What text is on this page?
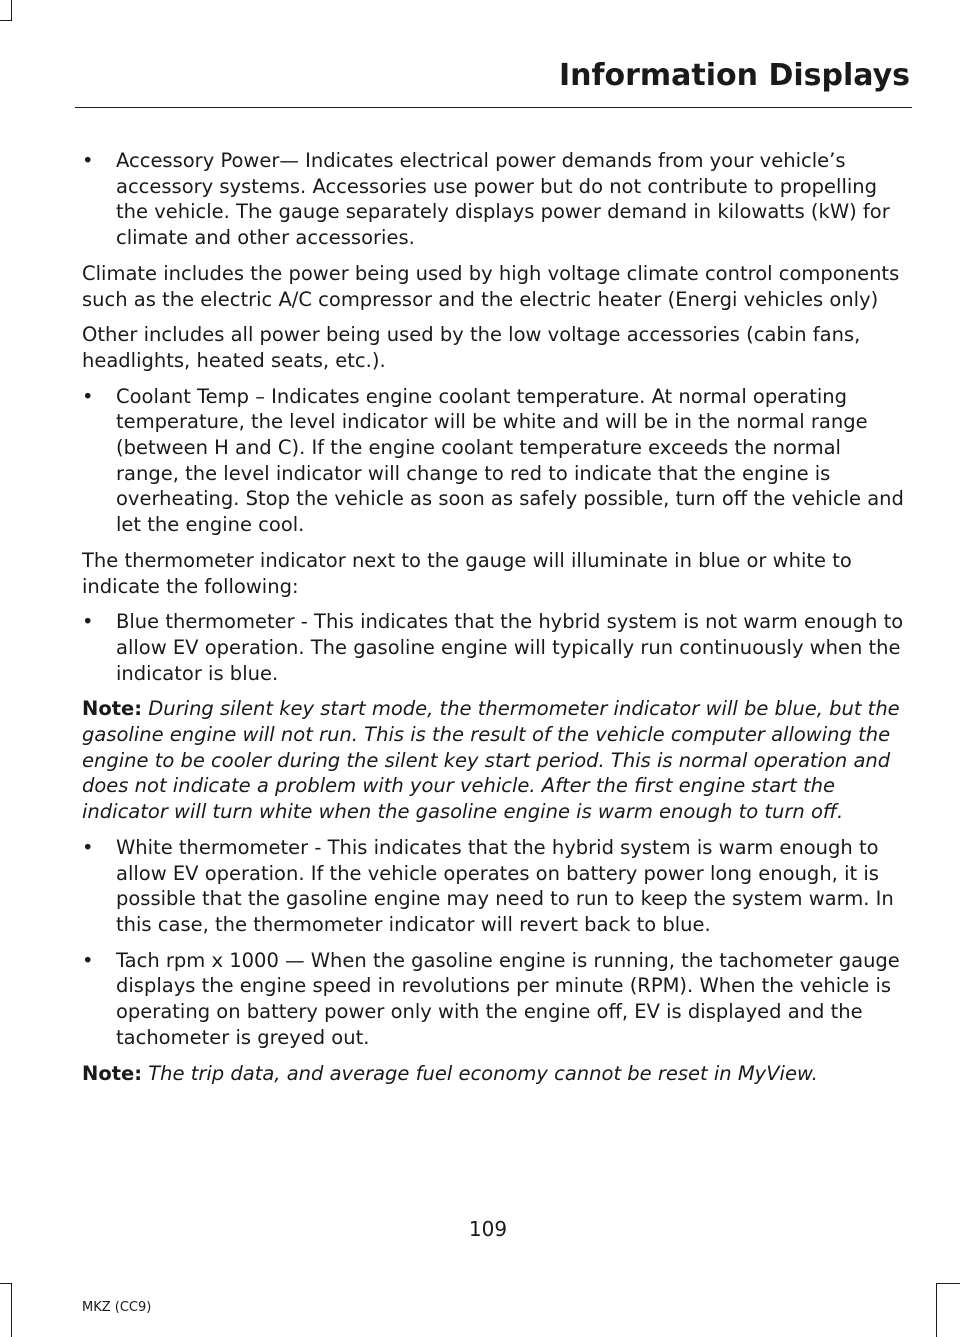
Information Displays
• Accessory Power— Indicates electrical power demands from your vehicle’s accessory systems. Accessories use power but do not contribute to propelling the vehicle. The gauge separately displays power demand in kilowatts (kW) for climate and other accessories.

Climate includes the power being used by high voltage climate control components such as the electric A/C compressor and the electric heater (Energi vehicles only)

Other includes all power being used by the low voltage accessories (cabin fans, headlights, heated seats, etc.).

• Coolant Temp – Indicates engine coolant temperature. At normal operating temperature, the level indicator will be white and will be in the normal range (between H and C). If the engine coolant temperature exceeds the normal range, the level indicator will change to red to indicate that the engine is overheating. Stop the vehicle as soon as safely possible, turn off the vehicle and let the engine cool.

The thermometer indicator next to the gauge will illuminate in blue or white to indicate the following:

• Blue thermometer - This indicates that the hybrid system is not warm enough to allow EV operation. The gasoline engine will typically run continuously when the indicator is blue.

Note: During silent key start mode, the thermometer indicator will be blue, but the gasoline engine will not run. This is the result of the vehicle computer allowing the engine to be cooler during the silent key start period. This is normal operation and does not indicate a problem with your vehicle. After the first engine start the indicator will turn white when the gasoline engine is warm enough to turn off.

• White thermometer - This indicates that the hybrid system is warm enough to allow EV operation. If the vehicle operates on battery power long enough, it is possible that the gasoline engine may need to run to keep the system warm. In this case, the thermometer indicator will revert back to blue.
• Tach rpm x 1000 — When the gasoline engine is running, the tachometer gauge displays the engine speed in revolutions per minute (RPM). When the vehicle is operating on battery power only with the engine off, EV is displayed and the tachometer is greyed out.

Note: The trip data, and average fuel economy cannot be reset in MyView.

109
MKZ (CC9)
